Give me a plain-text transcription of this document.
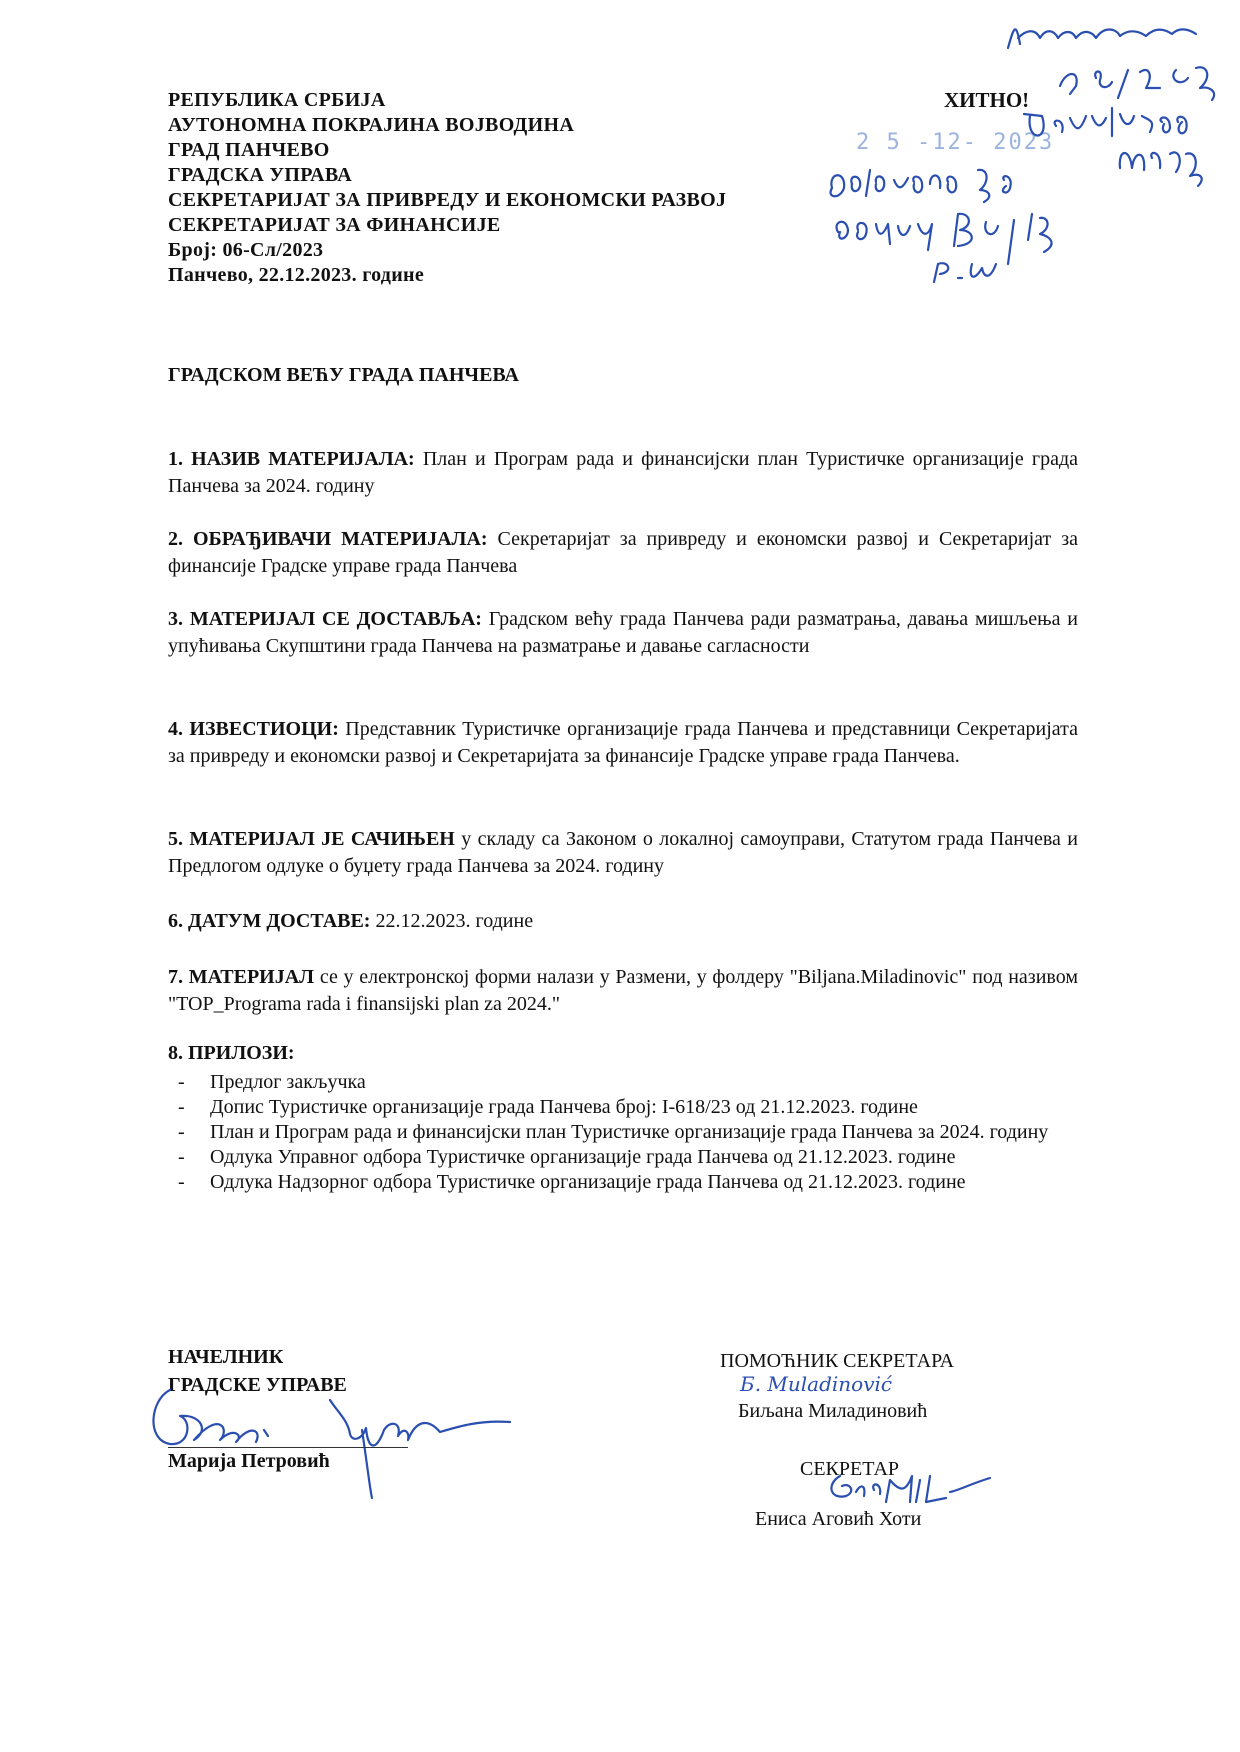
РЕПУБЛИКА СРБИЈА
АУТОНОМНА ПОКРАЈИНА ВОЈВОДИНА
ГРАД ПАНЧЕВО
ГРАДСКА УПРАВА
СЕКРЕТАРИЈАТ ЗА ПРИВРЕДУ И ЕКОНОМСКИ РАЗВОЈ
СЕКРЕТАРИЈАТ ЗА ФИНАНСИЈЕ
Број: 06-Сл/2023
Панчево, 22.12.2023. године
ХИТНО!
2 5 -12- 2023
ГРАДСКОМ ВЕЋУ ГРАДА ПАНЧЕВА
1. НАЗИВ МАТЕРИЈАЛА: План и Програм рада и финансијски план Туристичке организације града Панчева за 2024. годину
2. ОБРАЂИВАЧИ МАТЕРИЈАЛА: Секретаријат за привреду и економски развој и Секретаријат за финансије Градске управе града Панчева
3. МАТЕРИЈАЛ СЕ ДОСТАВЉА: Градском већу града Панчева ради разматрања, давања мишљења и упућивања Скупштини града Панчева на разматрање и давање сагласности
4. ИЗВЕСТИОЦИ: Представник Туристичке организације града Панчева и представници Секретаријата за привреду и економски развој и Секретаријата за финансије Градске управе града Панчева.
5. МАТЕРИЈАЛ ЈЕ САЧИЊЕН у складу са Законом о локалној самоуправи, Статутом града Панчева и Предлогом одлуке о буџету града Панчева за 2024. годину
6. ДАТУМ ДОСТАВЕ: 22.12.2023. године
7. МАТЕРИЈАЛ се у електронској форми налази у Размени, у фолдеру "Biljana.Miladinovic" под називом "TOP_Programa rada i finansijski plan za 2024."
8. ПРИЛОЗИ:
- Предлог закључка
- Допис Туристичке организације града Панчева број: I-618/23 од 21.12.2023. године
- План и Програм рада и финансијски план Туристичке организације града Панчева за 2024. годину
- Одлука Управног одбора Туристичке организације града Панчева од 21.12.2023. године
- Одлука Надзорног одбора Туристичке организације града Панчева од 21.12.2023. године
НАЧЕЛНИК
ГРАДСКЕ УПРАВЕ
Марија Петровић
ПОМОЋНИК СЕКРЕТАРА
Б. Миladinović
Биљана Миладиновић
СЕКРЕТАР
Ениса Аговић Хоти
